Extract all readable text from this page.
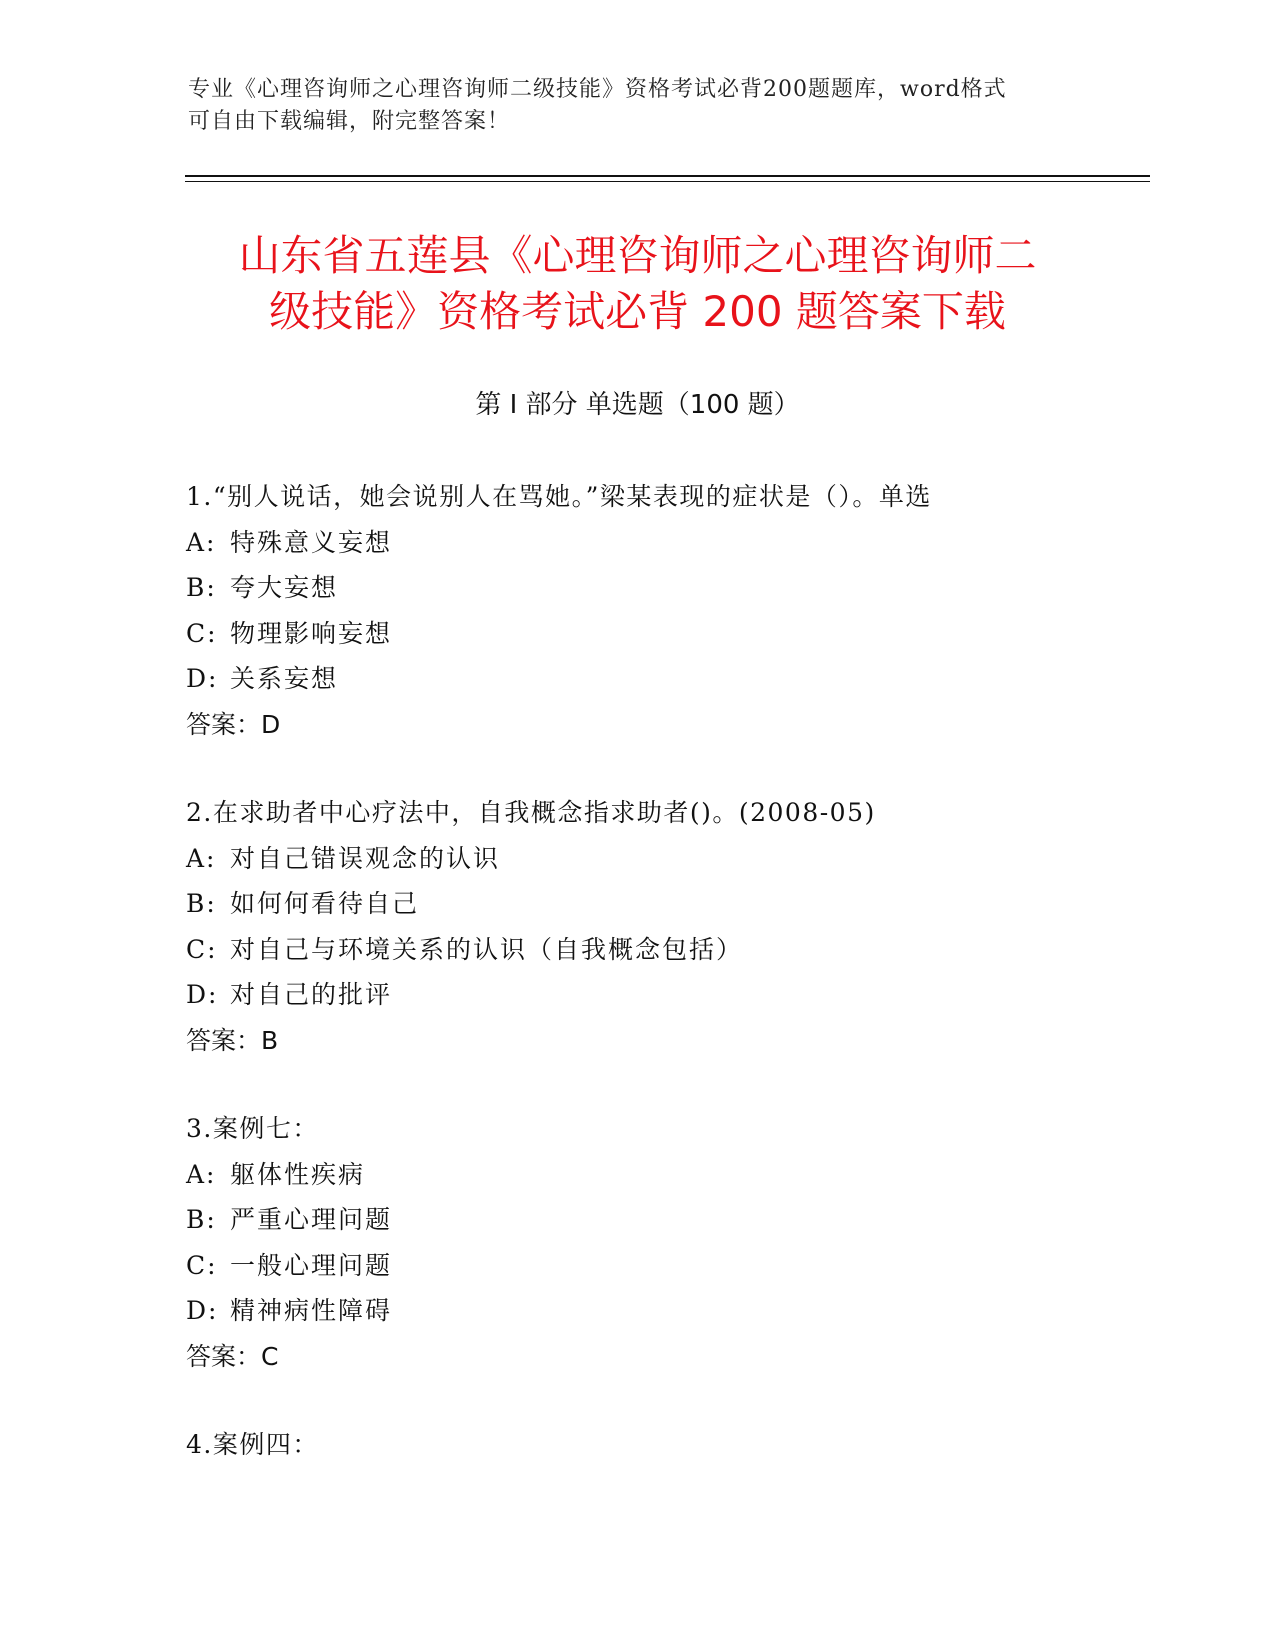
专业《心理咨询师之心理咨询师二级技能》资格考试必背200题题库，word格式
可自由下载编辑，附完整答案！
山东省五莲县《心理咨询师之心理咨询师二
级技能》资格考试必背 200 题答案下载
第 I 部分 单选题（100 题）
1.“别人说话，她会说别人在骂她。”梁某表现的症状是（）。单选
A: 特殊意义妄想
B: 夸大妄想
C: 物理影响妄想
D: 关系妄想
答案：D
2.在求助者中心疗法中，自我概念指求助者()。(2008-05)
A: 对自己错误观念的认识
B: 如何何看待自己
C: 对自己与环境关系的认识（自我概念包括）
D: 对自己的批评
答案：B
3.案例七：
A: 躯体性疾病
B: 严重心理问题
C: 一般心理问题
D: 精神病性障碍
答案：C
4.案例四：
